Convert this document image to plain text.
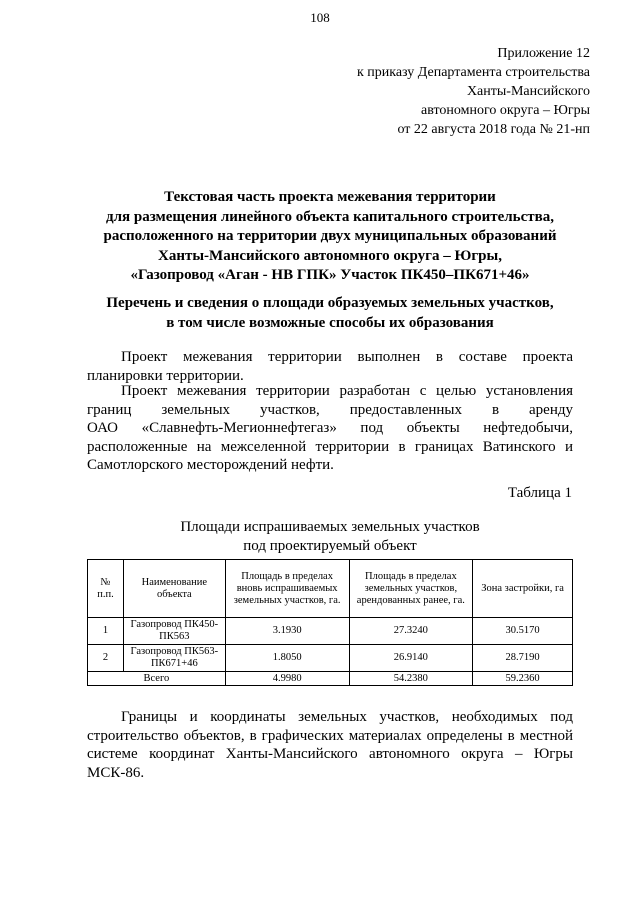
108
Приложение 12
к приказу Департамента строительства
Ханты-Мансийского
автономного округа – Югры
от 22 августа 2018 года № 21-нп
Текстовая часть проекта межевания территории
для размещения линейного объекта капитального строительства,
расположенного на территории двух муниципальных образований
Ханты-Мансийского автономного округа – Югры,
«Газопровод «Аган - НВ ГПК» Участок ПК450–ПК671+46»
Перечень и сведения о площади образуемых земельных участков,
в том числе возможные способы их образования
Проект межевания территории выполнен в составе проекта
планировки территории.
Проект межевания территории разработан с целью установления
границ земельных участков, предоставленных в аренду
ОАО «Славнефть-Мегионнефтегаз» под объекты нефтедобычи,
расположенные на межселенной территории в границах Ватинского и
Самотлорского месторождений нефти.
Таблица 1
Площади испрашиваемых земельных участков
под проектируемый объект
№ п.п.	Наименование объекта	Площадь в пределах вновь испрашиваемых земельных участков, га.	Площадь в пределах земельных участков, арендованных ранее, га.	Зона застройки, га
1	Газопровод ПК450-ПК563	3.1930	27.3240	30.5170
2	Газопровод ПК563-ПК671+46	1.8050	26.9140	28.7190
Всего		4.9980	54.2380	59.2360
Границы и координаты земельных участков, необходимых под
строительство объектов, в графических материалах определены в местной
системе координат Ханты-Мансийского автономного округа – Югры
МСК-86.
